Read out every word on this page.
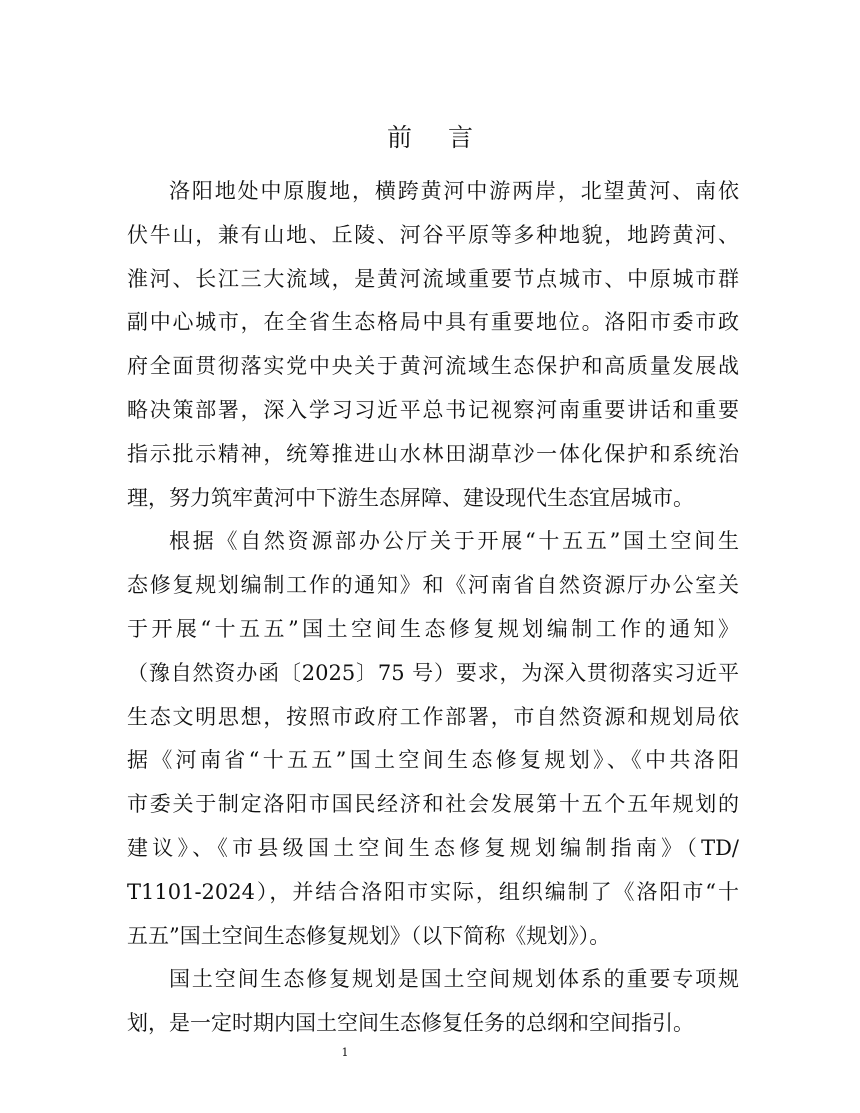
前 言
洛阳地处中原腹地，横跨黄河中游两岸，北望黄河、南依
伏牛山，兼有山地、丘陵、河谷平原等多种地貌，地跨黄河、
淮河、长江三大流域，是黄河流域重要节点城市、中原城市群
副中心城市，在全省生态格局中具有重要地位。洛阳市委市政
府全面贯彻落实党中央关于黄河流域生态保护和高质量发展战
略决策部署，深入学习习近平总书记视察河南重要讲话和重要
指示批示精神，统筹推进山水林田湖草沙一体化保护和系统治
理，努力筑牢黄河中下游生态屏障、建设现代生态宜居城市。
根据《自然资源部办公厅关于开展“十五五”国土空间生
态修复规划编制工作的通知》和《河南省自然资源厅办公室关
于开展“十五五”国土空间生态修复规划编制工作的通知》
（豫自然资办函〔2025〕75 号）要求，为深入贯彻落实习近平
生态文明思想，按照市政府工作部署，市自然资源和规划局依
据《河南省“十五五”国土空间生态修复规划》、《中共洛阳
市委关于制定洛阳市国民经济和社会发展第十五个五年规划的
建议》、《市县级国土空间生态修复规划编制指南》（TD/
T1101-2024），并结合洛阳市实际，组织编制了《洛阳市“十
五五”国土空间生态修复规划》（以下简称《规划》）。
国土空间生态修复规划是国土空间规划体系的重要专项规
划，是一定时期内国土空间生态修复任务的总纲和空间指引。
1
